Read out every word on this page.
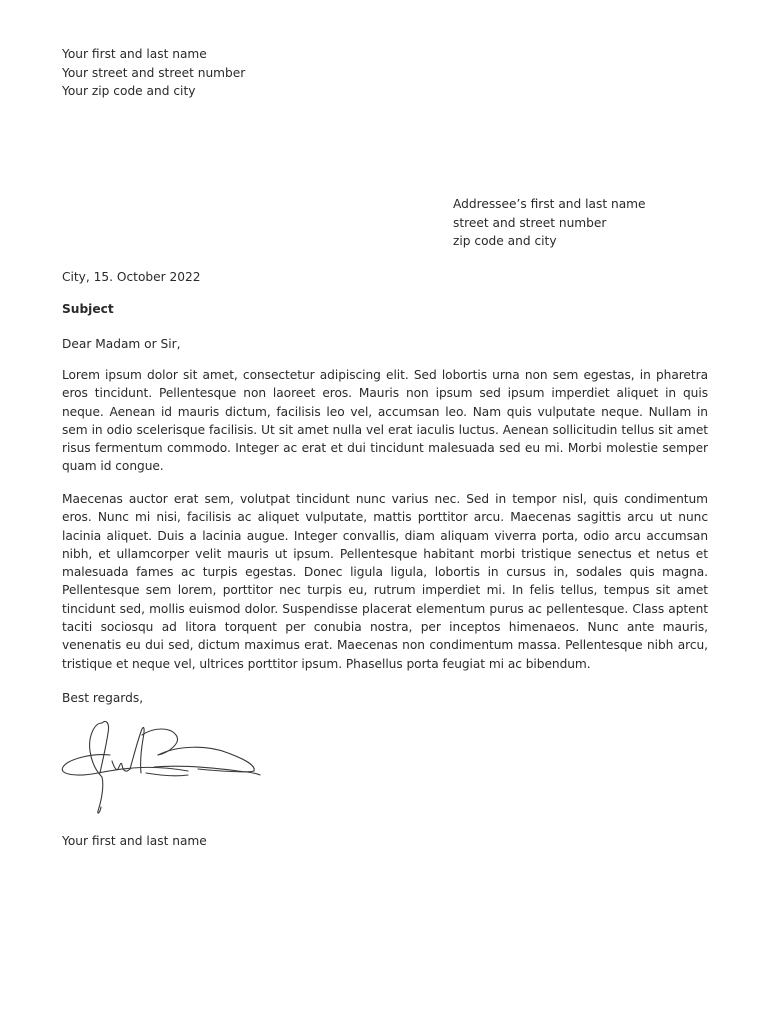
Your first and last name
Your street and street number
Your zip code and city
Addressee’s first and last name
street and street number
zip code and city
City, 15. October 2022
Subject
Dear Madam or Sir,

Lorem ipsum dolor sit amet, consectetur adipiscing elit. Sed lobortis urna non sem egestas, in pharetra eros tincidunt. Pellentesque non laoreet eros. Mauris non ipsum sed ipsum imperdiet aliquet in quis neque. Aenean id mauris dictum, facilisis leo vel, accumsan leo. Nam quis vulputate neque. Nullam in sem in odio scelerisque facilisis. Ut sit amet nulla vel erat iaculis luctus. Aenean sollicitudin tellus sit amet risus fermentum commodo. Integer ac erat et dui tincidunt malesuada sed eu mi. Morbi molestie semper quam id congue.

Maecenas auctor erat sem, volutpat tincidunt nunc varius nec. Sed in tempor nisl, quis condimentum eros. Nunc mi nisi, facilisis ac aliquet vulputate, mattis porttitor arcu. Maecenas sagittis arcu ut nunc lacinia aliquet. Duis a lacinia augue. Integer convallis, diam aliquam viverra porta, odio arcu accumsan nibh, et ullamcorper velit mauris ut ipsum. Pellentesque habitant morbi tristique senectus et netus et malesuada fames ac turpis egestas. Donec ligula ligula, lobortis in cursus in, sodales quis magna. Pellentesque sem lorem, porttitor nec turpis eu, rutrum imperdiet mi. In felis tellus, tempus sit amet tincidunt sed, mollis euismod dolor. Suspendisse placerat elementum purus ac pellentesque. Class aptent taciti sociosqu ad litora torquent per conubia nostra, per inceptos himenaeos. Nunc ante mauris, venenatis eu dui sed, dictum maximus erat. Maecenas non condimentum massa. Pellentesque nibh arcu, tristique et neque vel, ultrices porttitor ipsum. Phasellus porta feugiat mi ac bibendum.

Best regards,
Your first and last name
